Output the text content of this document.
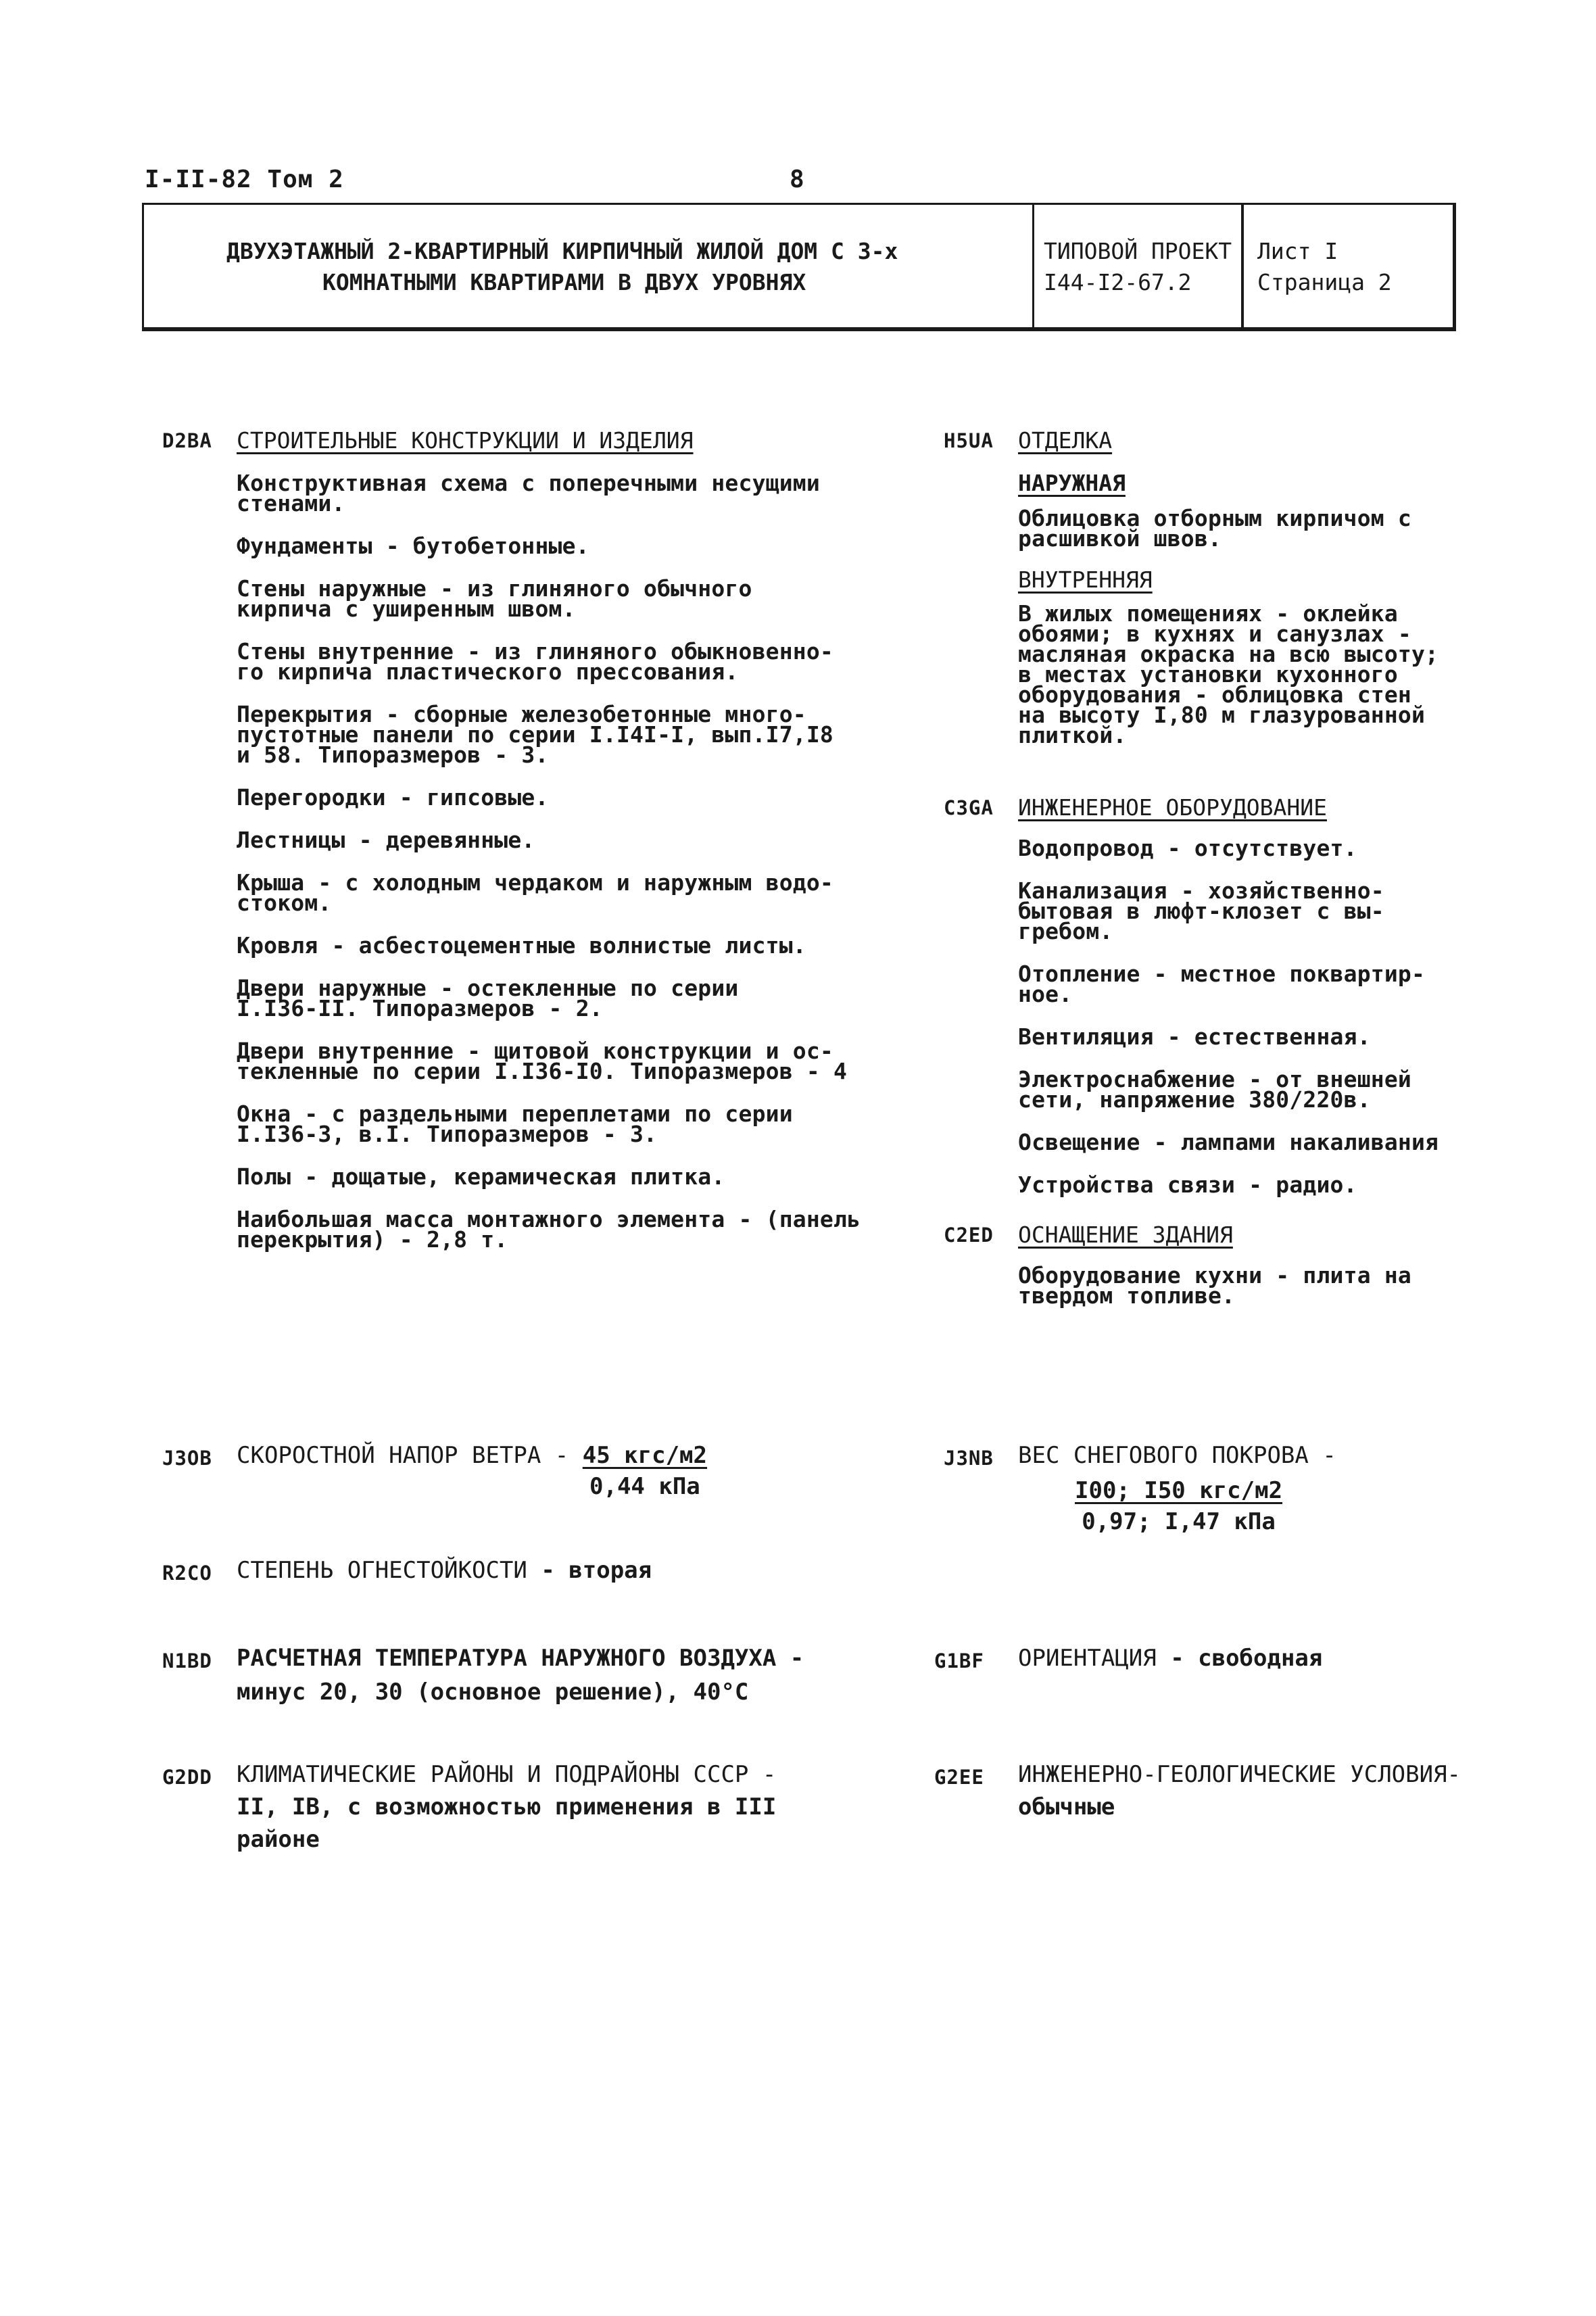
I-II-82 Том 2	8
ДВУХЭТАЖНЫЙ 2-КВАРТИРНЫЙ КИРПИЧНЫЙ ЖИЛОЙ ДОМ С 3-х
КОМНАТНЫМИ КВАРТИРАМИ В ДВУХ УРОВНЯХ
ТИПОВОЙ ПРОЕКТ
I44-I2-67.2
Лист I
Страница 2
D2BA СТРОИТЕЛЬНЫЕ КОНСТРУКЦИИ И ИЗДЕЛИЯ
Конструктивная схема с поперечными несущими
стенами.
Фундаменты - бутобетонные.
Стены наружные - из глиняного обычного
кирпича с уширенным швом.
Стены внутренние - из глиняного обыкновенно-
го кирпича пластического прессования.
Перекрытия - сборные железобетонные много-
пустотные панели по серии I.I4I-I, вып.I7,I8
и 58. Типоразмеров - 3.
Перегородки - гипсовые.
Лестницы - деревянные.
Крыша - с холодным чердаком и наружным водо-
стоком.
Кровля - асбестоцементные волнистые листы.
Двери наружные - остекленные по серии
I.I36-II. Типоразмеров - 2.
Двери внутренние - щитовой конструкции и ос-
текленные по серии I.I36-I0. Типоразмеров - 4
Окна - с раздельными переплетами по серии
I.I36-3, в.I. Типоразмеров - 3.
Полы - дощатые, керамическая плитка.
Наибольшая масса монтажного элемента - (панель
перекрытия) - 2,8 т.
H5UA ОТДЕЛКА
НАРУЖНАЯ
Облицовка отборным кирпичом с
расшивкой швов.
ВНУТРЕННЯЯ
В жилых помещениях - оклейка
обоями; в кухнях и санузлах -
масляная окраска на всю высоту;
в местах установки кухонного
оборудования - облицовка стен
на высоту I,80 м глазурованной
плиткой.
C3GA ИНЖЕНЕРНОЕ ОБОРУДОВАНИЕ
Водопровод - отсутствует.
Канализация - хозяйственно-
бытовая в люфт-клозет с вы-
гребом.
Отопление - местное поквартир-
ное.
Вентиляция - естественная.
Электроснабжение - от внешней
сети, напряжение 380/220в.
Освещение - лампами накаливания
Устройства связи - радио.
C2ED ОСНАЩЕНИЕ ЗДАНИЯ
Оборудование кухни - плита на
твердом топливе.
J3OB СКОРОСТНОЙ НАПОР ВЕТРА - $\frac{\text{45 кгс/м2}}{\text{0,44 кПа}}$	J3NB ВЕС СНЕГОВОГО ПОКРОВА -
$\frac{\text{I00; I50 кгс/м2}}{\text{0,97; I,47 кПа}}$
R2CO СТЕПЕНЬ ОГНЕСТОЙКОСТИ - вторая
N1BD РАСЧЕТНАЯ ТЕМПЕРАТУРА НАРУЖНОГО ВОЗДУХА -
минус 20, 30 (основное решение), 40°C
G1BF ОРИЕНТАЦИЯ - свободная
G2DD КЛИМАТИЧЕСКИЕ РАЙОНЫ И ПОДРАЙОНЫ СССР -
II, IB, с возможностью применения в III
районе
G2EE ИНЖЕНЕРНО-ГЕОЛОГИЧЕСКИЕ УСЛОВИЯ-
обычные
